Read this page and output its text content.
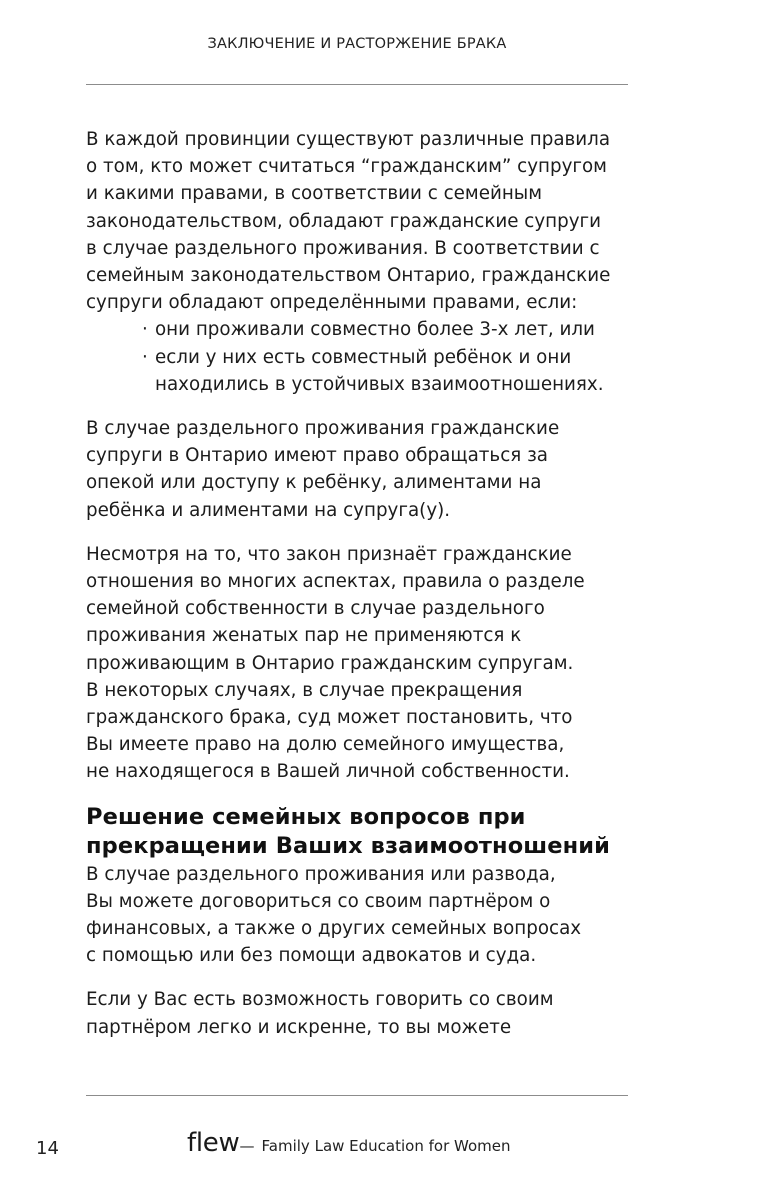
ЗАКЛЮЧЕНИЕ И РАСТОРЖЕНИЕ БРАКА

В каждой провинции существуют различные правила
о том, кто может считаться “гражданским” супругом
и какими правами, в соответствии с семейным
законодательством, обладают гражданские супруги
в случае раздельного проживания. В соответствии с
семейным законодательством Онтарио, гражданские
супруги обладают определёнными правами, если:

· они проживали совместно более 3-х лет, или
· если у них есть совместный ребёнок и они
находились в устойчивых взаимоотношениях.

В случае раздельного проживания гражданские
супруги в Онтарио имеют право обращаться за
опекой или доступу к ребёнку, алиментами на
ребёнка и алиментами на супруга(у).

Несмотря на то, что закон признаёт гражданские
отношения во многих аспектах, правила о разделе
семейной собственности в случае раздельного
проживания женатых пар не применяются к
проживающим в Онтарио гражданским супругам.
В некоторых случаях, в случае прекращения
гражданского брака, суд может постановить, что
Вы имеете право на долю семейного имущества,
не находящегося в Вашей личной собственности.

Решение семейных вопросов при
прекращении Ваших взаимоотношений

В случае раздельного проживания или развода,
Вы можете договориться со своим партнёром о
финансовых, а также о других семейных вопросах
с помощью или без помощи адвокатов и суда.

Если у Вас есть возможность говорить со своим
партнёром легко и искренне, то вы можете

14	flew— Family Law Education for Women
